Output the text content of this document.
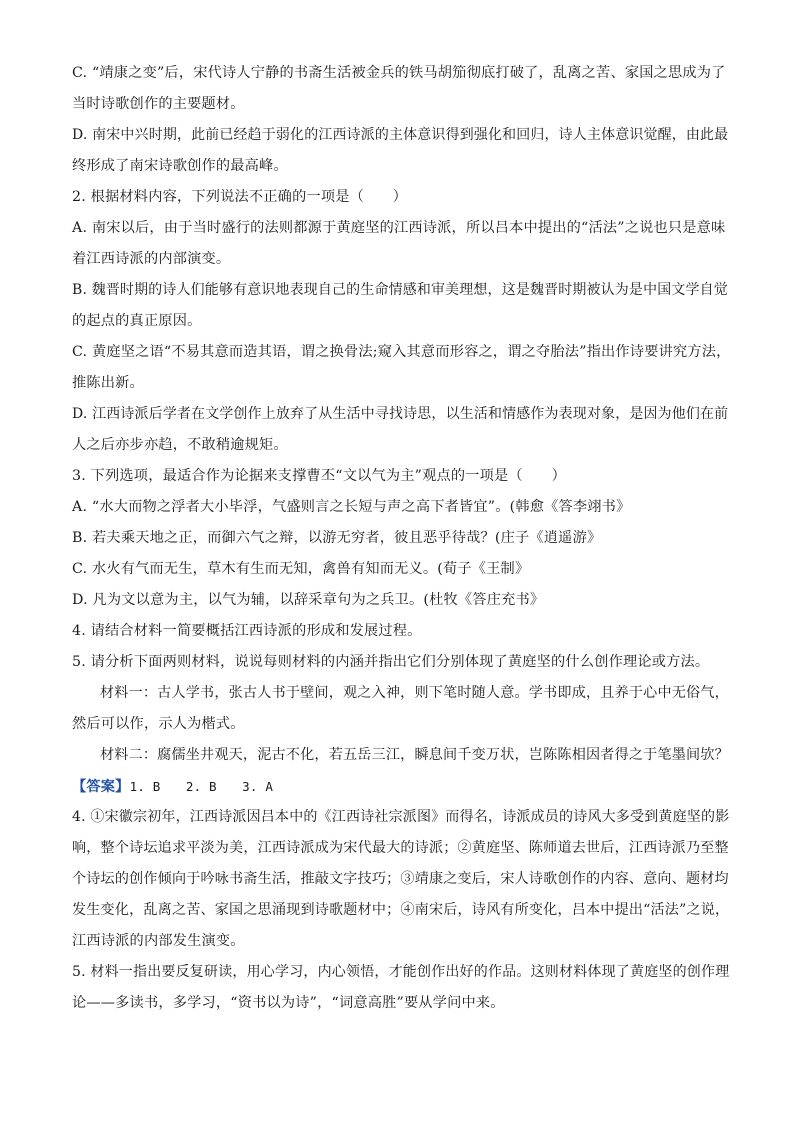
C. “靖康之变”后，宋代诗人宁静的书斋生活被金兵的铁马胡笳彻底打破了，乱离之苦、家国之思成为了
当时诗歌创作的主要题材。
D. 南宋中兴时期，此前已经趋于弱化的江西诗派的主体意识得到强化和回归，诗人主体意识觉醒，由此最
终形成了南宋诗歌创作的最高峰。
2. 根据材料内容，下列说法不正确的一项是（　　）
A. 南宋以后，由于当时盛行的法则都源于黄庭坚的江西诗派，所以吕本中提出的“活法”之说也只是意味
着江西诗派的内部演变。
B. 魏晋时期的诗人们能够有意识地表现自己的生命情感和审美理想，这是魏晋时期被认为是中国文学自觉
的起点的真正原因。
C. 黄庭坚之语“不易其意而造其语，谓之换骨法;窥入其意而形容之，谓之夺胎法”指出作诗要讲究方法，
推陈出新。
D. 江西诗派后学者在文学创作上放弃了从生活中寻找诗思，以生活和情感作为表现对象，是因为他们在前
人之后亦步亦趋，不敢稍逾规矩。
3. 下列选项，最适合作为论据来支撑曹丕“文以气为主”观点的一项是（　　）
A. “水大而物之浮者大小毕浮，气盛则言之长短与声之高下者皆宜”。(韩愈《答李翊书》
B. 若夫乘天地之正，而御六气之辩，以游无穷者，彼且恶乎待哉？(庄子《逍遥游》
C. 水火有气而无生，草木有生而无知，禽兽有知而无义。(荀子《王制》
D. 凡为文以意为主，以气为辅，以辞采章句为之兵卫。(杜牧《答庄充书》
4. 请结合材料一简要概括江西诗派的形成和发展过程。
5. 请分析下面两则材料，说说每则材料的内涵并指出它们分别体现了黄庭坚的什么创作理论或方法。
材料一：古人学书，张古人书于壁间，观之入神，则下笔时随人意。学书即成，且养于心中无俗气，
然后可以作，示人为楷式。
材料二：腐儒坐井观天，泥古不化，若五岳三江，瞬息间千变万状，岂陈陈相因者得之于笔墨间欤？
【答案】1. B　　2. B　　3. A
4. ①宋徽宗初年，江西诗派因吕本中的《江西诗社宗派图》而得名，诗派成员的诗风大多受到黄庭坚的影
响，整个诗坛追求平淡为美，江西诗派成为宋代最大的诗派；②黄庭坚、陈师道去世后，江西诗派乃至整
个诗坛的创作倾向于吟咏书斋生活，推敲文字技巧；③靖康之变后，宋人诗歌创作的内容、意向、题材均
发生变化，乱离之苦、家国之思涌现到诗歌题材中；④南宋后，诗风有所变化，吕本中提出“活法”之说，
江西诗派的内部发生演变。
5. 材料一指出要反复研读，用心学习，内心领悟，才能创作出好的作品。这则材料体现了黄庭坚的创作理
论——多读书，多学习，“资书以为诗”，“词意高胜”要从学问中来。
